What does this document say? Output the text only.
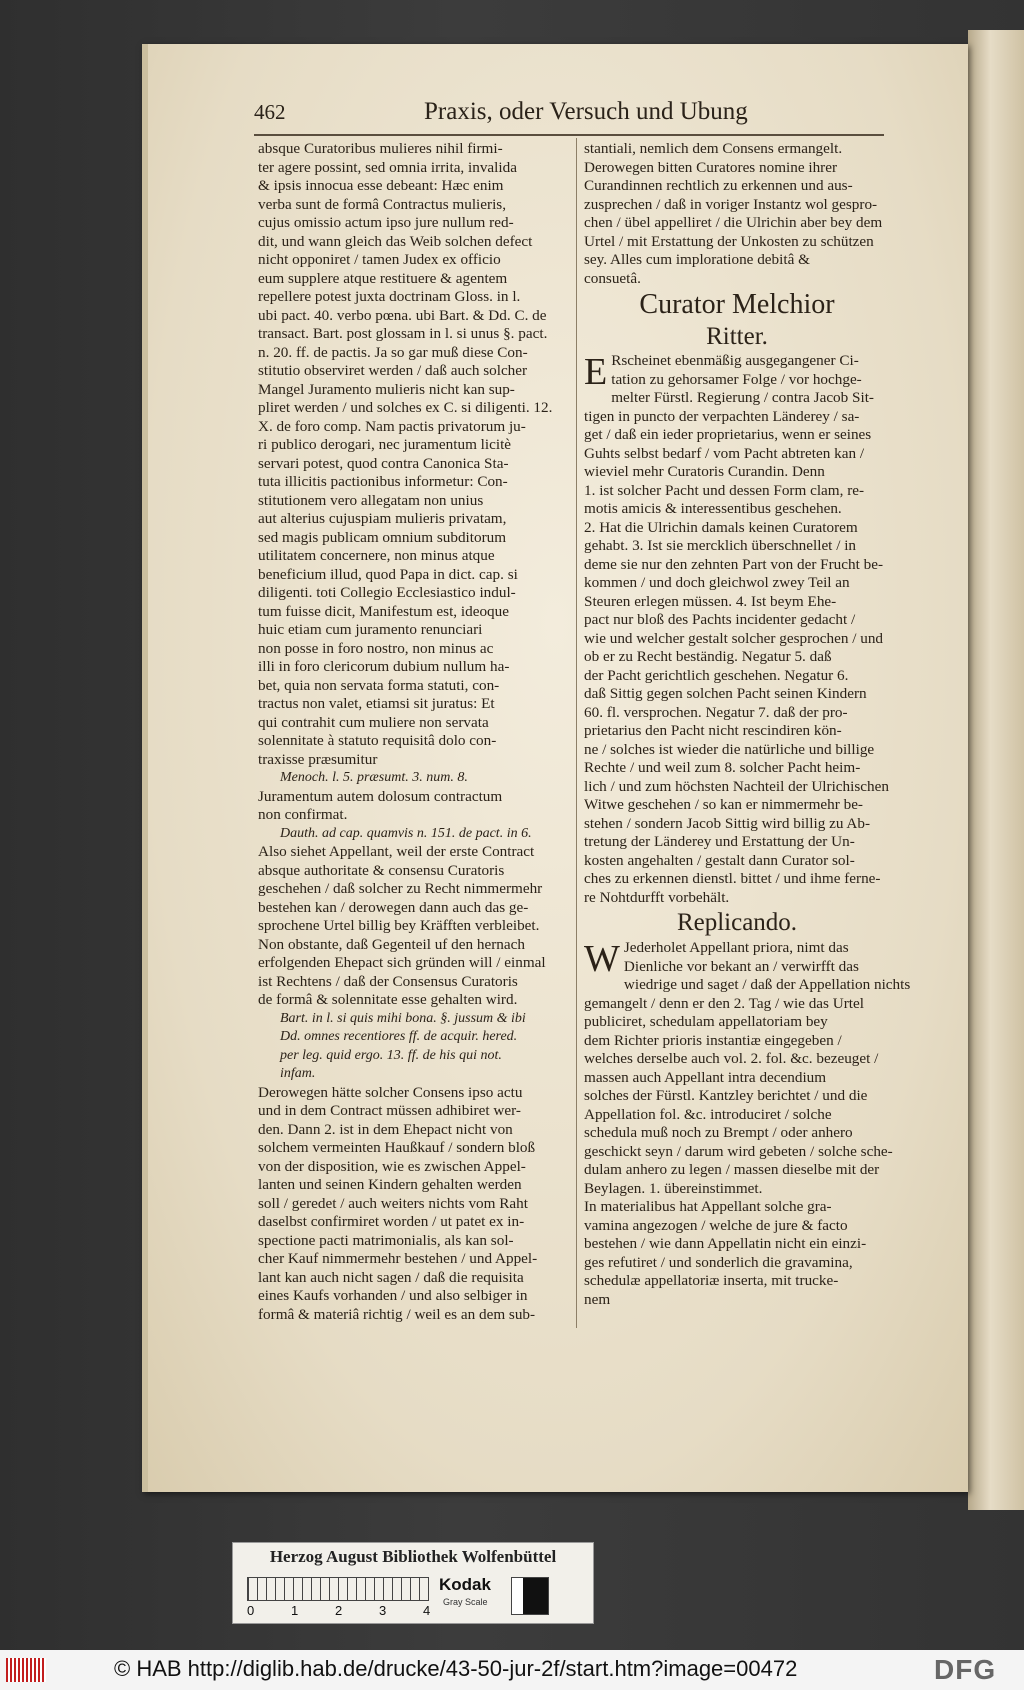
462	Praxis, oder Versuch und Ubung

absque Curatoribus mulieres nihil firmi-

ter agere possint, sed omnia irrita, invalida

& ipsis innocua esse debeant: Hæc enim

verba sunt de formâ Contractus mulieris,

cujus omissio actum ipso jure nullum red-

dit, und wann gleich das Weib solchen defect

nicht opponiret / tamen Judex ex officio

eum supplere atque restituere & agentem

repellere potest juxta doctrinam Gloss. in l.

ubi pact. 40. verbo pœna. ubi Bart. & Dd. C. de

transact. Bart. post glossam in l. si unus §. pact.

n. 20. ff. de pactis. Ja so gar muß diese Con-

stitutio observiret werden / daß auch solcher

Mangel Juramento mulieris nicht kan sup-

pliret werden / und solches ex C. si diligenti. 12.

X. de foro comp. Nam pactis privatorum ju-

ri publico derogari, nec juramentum licitè

servari potest, quod contra Canonica Sta-

tuta illicitis pactionibus informetur: Con-

stitutionem vero allegatam non unius

aut alterius cujuspiam mulieris privatam,

sed magis publicam omnium subditorum

utilitatem concernere, non minus atque

beneficium illud, quod Papa in dict. cap. si

diligenti. toti Collegio Ecclesiastico indul-

tum fuisse dicit, Manifestum est, ideoque

huic etiam cum juramento renunciari

non posse in foro nostro, non minus ac

illi in foro clericorum dubium nullum ha-

bet, quia non servata forma statuti, con-

tractus non valet, etiamsi sit juratus: Et

qui contrahit cum muliere non servata

solennitate à statuto requisitâ dolo con-

traxisse præsumitur

Menoch. l. 5. præsumt. 3. num. 8.

Juramentum autem dolosum contractum

non confirmat.

Dauth. ad cap. quamvis n. 151. de pact. in 6.

Also siehet Appellant, weil der erste Contract

absque authoritate & consensu Curatoris

geschehen / daß solcher zu Recht nimmermehr

bestehen kan / derowegen dann auch das ge-

sprochene Urtel billig bey Kräfften verbleibet.

Non obstante, daß Gegenteil uf den hernach

erfolgenden Ehepact sich gründen will / einmal

ist Rechtens / daß der Consensus Curatoris

de formâ & solennitate esse gehalten wird.

Bart. in l. si quis mihi bona. §. jussum & ibi

Dd. omnes recentiores ff. de acquir. hered.

per leg. quid ergo. 13. ff. de his qui not.

infam.

Derowegen hätte solcher Consens ipso actu

und in dem Contract müssen adhibiret wer-

den. Dann 2. ist in dem Ehepact nicht von

solchem vermeinten Haußkauf / sondern bloß

von der disposition, wie es zwischen Appel-

lanten und seinen Kindern gehalten werden

soll / geredet / auch weiters nichts vom Raht

daselbst confirmiret worden / ut patet ex in-

spectione pacti matrimonialis, als kan sol-

cher Kauf nimmermehr bestehen / und Appel-

lant kan auch nicht sagen / daß die requisita

eines Kaufs vorhanden / und also selbiger in

formâ & materiâ richtig / weil es an dem sub-

stantiali, nemlich dem Consens ermangelt.

Derowegen bitten Curatores nomine ihrer

Curandinnen rechtlich zu erkennen und aus-

zusprechen / daß in voriger Instantz wol gespro-

chen / übel appelliret / die Ulrichin aber bey dem

Urtel / mit Erstattung der Unkosten zu schützen

sey. Alles cum imploratione debitâ &

consuetâ.

Curator Melchior

Ritter.

E Rscheinet ebenmäßig ausgegangener Ci-

tation zu gehorsamer Folge / vor hochge-

melter Fürstl. Regierung / contra Jacob Sit-

tigen in puncto der verpachten Länderey / sa-

get / daß ein ieder proprietarius, wenn er seines

Guhts selbst bedarf / vom Pacht abtreten kan /

wieviel mehr Curatoris Curandin. Denn

1. ist solcher Pacht und dessen Form clam, re-

motis amicis & interessentibus geschehen.

2. Hat die Ulrichin damals keinen Curatorem

gehabt. 3. Ist sie mercklich überschnellet / in

deme sie nur den zehnten Part von der Frucht be-

kommen / und doch gleichwol zwey Teil an

Steuren erlegen müssen. 4. Ist beym Ehe-

pact nur bloß des Pachts incidenter gedacht /

wie und welcher gestalt solcher gesprochen / und

ob er zu Recht beständig. Negatur 5. daß

der Pacht gerichtlich geschehen. Negatur 6.

daß Sittig gegen solchen Pacht seinen Kindern

60. fl. versprochen. Negatur 7. daß der pro-

prietarius den Pacht nicht rescindiren kön-

ne / solches ist wieder die natürliche und billige

Rechte / und weil zum 8. solcher Pacht heim-

lich / und zum höchsten Nachteil der Ulrichischen

Witwe geschehen / so kan er nimmermehr be-

stehen / sondern Jacob Sittig wird billig zu Ab-

tretung der Länderey und Erstattung der Un-

kosten angehalten / gestalt dann Curator sol-

ches zu erkennen dienstl. bittet / und ihme ferne-

re Nohtdurfft vorbehält.

Replicando.

W Jederholet Appellant priora, nimt das

Dienliche vor bekant an / verwirfft das

wiedrige und saget / daß der Appellation nichts

gemangelt / denn er den 2. Tag / wie das Urtel

publiciret, schedulam appellatoriam bey

dem Richter prioris instantiæ eingegeben /

welches derselbe auch vol. 2. fol. &c. bezeuget /

massen auch Appellant intra decendium

solches der Fürstl. Kantzley berichtet / und die

Appellation fol. &c. introduciret / solche

schedula muß noch zu Brempt / oder anhero

geschickt seyn / darum wird gebeten / solche sche-

dulam anhero zu legen / massen dieselbe mit der

Beylagen. 1. übereinstimmet.

In materialibus hat Appellant solche gra-

vamina angezogen / welche de jure & facto

bestehen / wie dann Appellatin nicht ein einzi-

ges refutiret / und sonderlich die gravamina,

schedulæ appellatoriæ inserta, mit trucke-

nem

Herzog August Bibliothek Wolfenbüttel
0	1	2	3	4
Kodak
Gray Scale
© HAB http://diglib.hab.de/drucke/43-50-jur-2f/start.htm?image=00472	DFG
